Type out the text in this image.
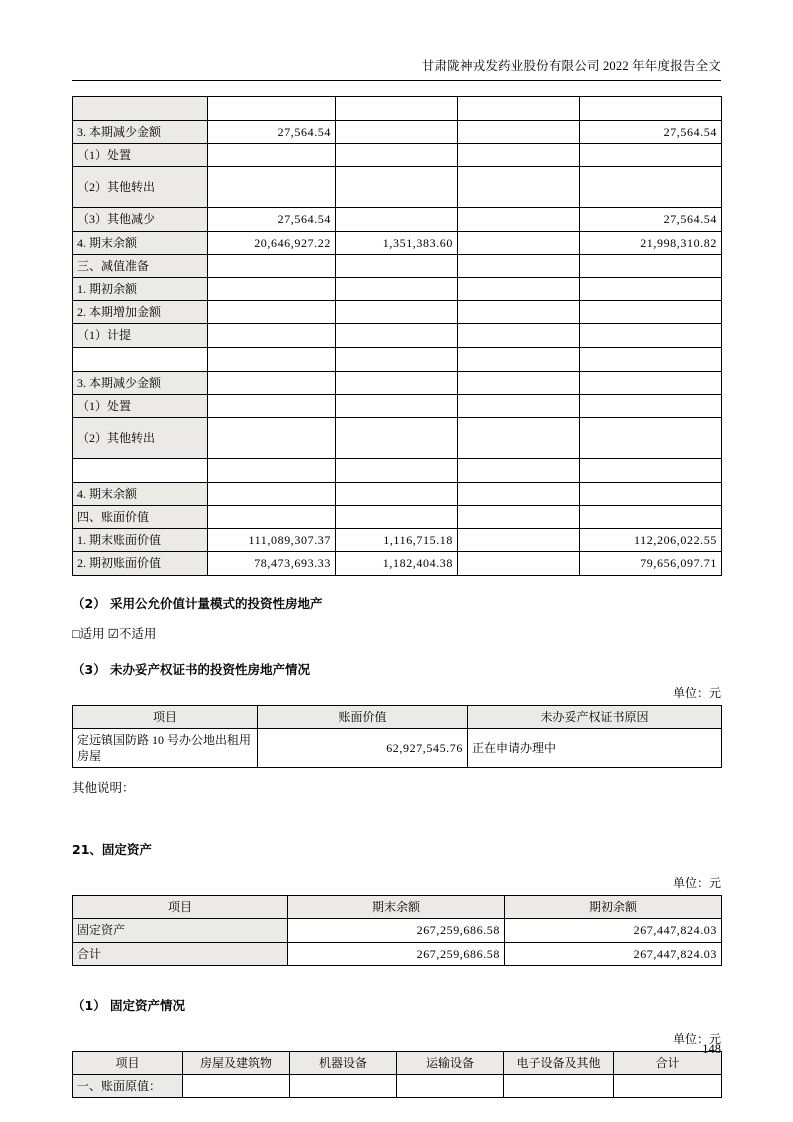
甘肃陇神戎发药业股份有限公司 2022 年年度报告全文

3. 本期减少金额	27,564.54			27,564.54
（1）处置				
（2）其他转出				
（3）其他减少	27,564.54			27,564.54
4. 期末余额	20,646,927.22	1,351,383.60		21,998,310.82
三、减值准备				
1. 期初余额				
2. 本期增加金额				
（1）计提				

3. 本期减少金额				
（1）处置				
（2）其他转出				

4. 期末余额				
四、账面价值				
1. 期末账面价值	111,089,307.37	1,116,715.18		112,206,022.55
2. 期初账面价值	78,473,693.33	1,182,404.38		79,656,097.71
（2） 采用公允价值计量模式的投资性房地产
□适用 ☑不适用
（3） 未办妥产权证书的投资性房地产情况
单位：元
项目	账面价值	未办妥产权证书原因
定远镇国防路 10 号办公地出租用房屋	62,927,545.76	正在申请办理中
其他说明：
21、固定资产
单位：元
项目	期末余额	期初余额
固定资产	267,259,686.58	267,447,824.03
合计	267,259,686.58	267,447,824.03
（1） 固定资产情况
单位：元
项目	房屋及建筑物	机器设备	运输设备	电子设备及其他	合计
一、账面原值：					
148
